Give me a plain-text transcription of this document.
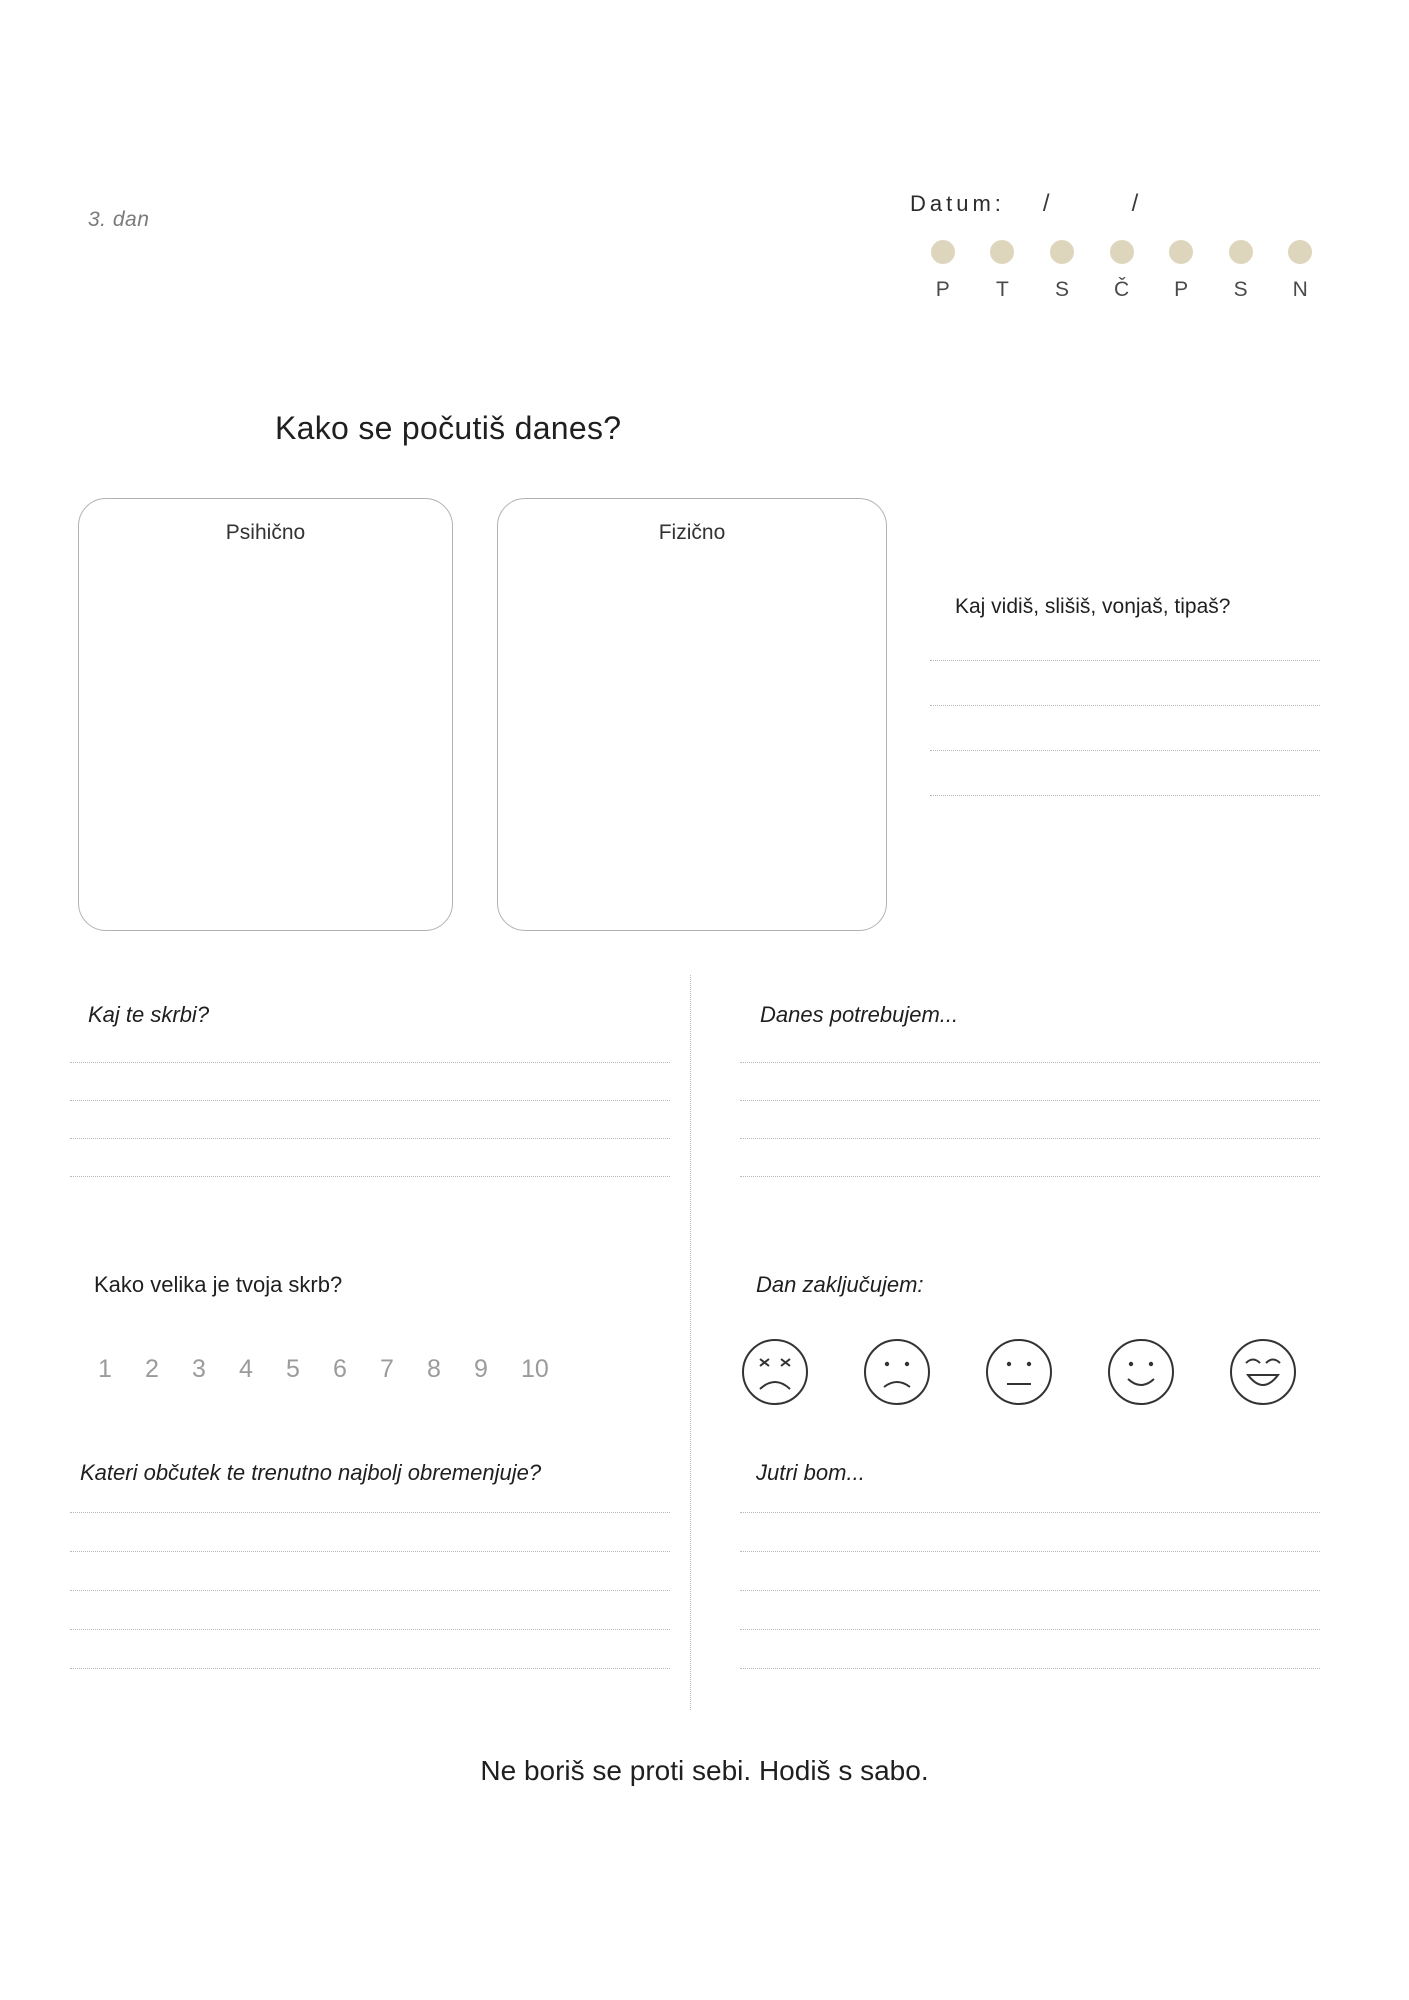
3. dan
Datum: /	/
P	T	S	Č	P	S	N
Kako se počutiš danes?
Psihično	Fizično
Kaj vidiš, slišiš, vonjaš, tipaš?
Kaj te skrbi?
Kako velika je tvoja skrb?
1	2	3	4	5	6	7	8	9	10
Kateri občutek te trenutno najbolj obremenjuje?
Danes potrebujem...
Dan zaključujem:
Jutri bom...
Ne boriš se proti sebi. Hodiš s sabo.
